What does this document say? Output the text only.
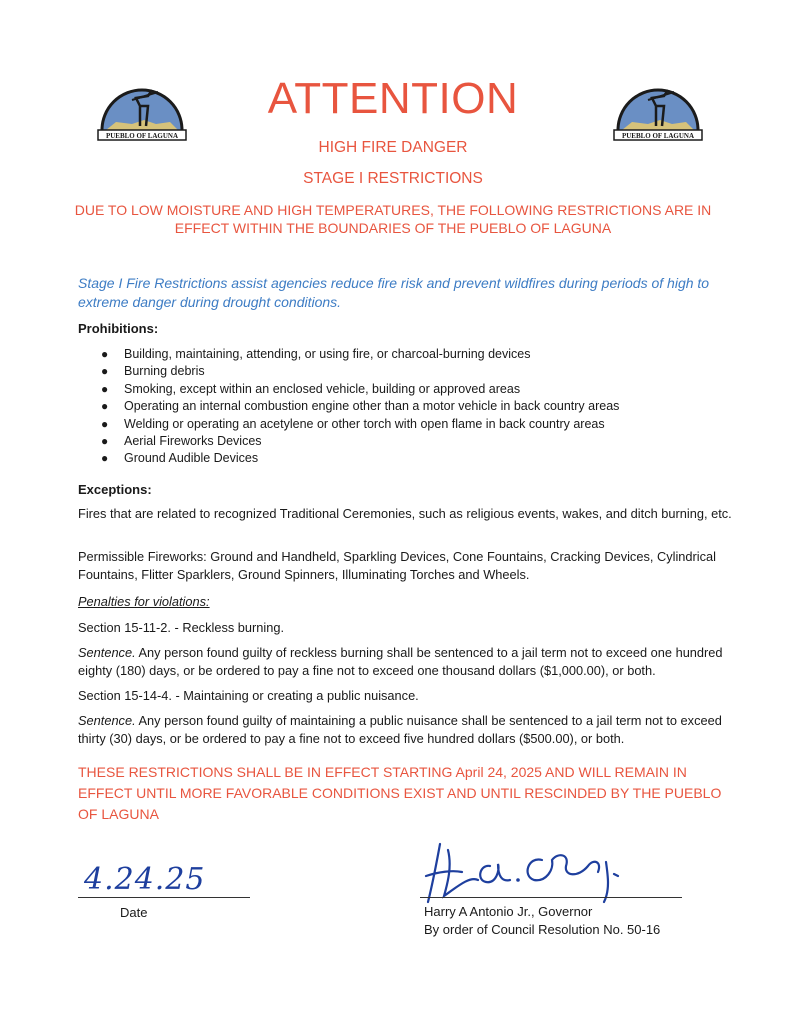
PUEBLO OF LAGUNA	PUEBLO OF LAGUNA
ATTENTION

HIGH FIRE DANGER

STAGE I RESTRICTIONS

DUE TO LOW MOISTURE AND HIGH TEMPERATURES, THE FOLLOWING RESTRICTIONS ARE IN EFFECT WITHIN THE BOUNDARIES OF THE PUEBLO OF LAGUNA

Stage I Fire Restrictions assist agencies reduce fire risk and prevent wildfires during periods of high to extreme danger during drought conditions.

Prohibitions:
● Building, maintaining, attending, or using fire, or charcoal-burning devices
● Burning debris
● Smoking, except within an enclosed vehicle, building or approved areas
● Operating an internal combustion engine other than a motor vehicle in back country areas
● Welding or operating an acetylene or other torch with open flame in back country areas
● Aerial Fireworks Devices
● Ground Audible Devices
Exceptions:

Fires that are related to recognized Traditional Ceremonies, such as religious events, wakes, and ditch burning, etc.

Permissible Fireworks: Ground and Handheld, Sparkling Devices, Cone Fountains, Cracking Devices, Cylindrical Fountains, Flitter Sparklers, Ground Spinners, Illuminating Torches and Wheels.

Penalties for violations:

Section 15-11-2. - Reckless burning.

Sentence. Any person found guilty of reckless burning shall be sentenced to a jail term not to exceed one hundred eighty (180) days, or be ordered to pay a fine not to exceed one thousand dollars ($1,000.00), or both.

Section 15-14-4. - Maintaining or creating a public nuisance.

Sentence. Any person found guilty of maintaining a public nuisance shall be sentenced to a jail term not to exceed thirty (30) days, or be ordered to pay a fine not to exceed five hundred dollars ($500.00), or both.

THESE RESTRICTIONS SHALL BE IN EFFECT STARTING April 24, 2025 AND WILL REMAIN IN EFFECT UNTIL MORE FAVORABLE CONDITIONS EXIST AND UNTIL RESCINDED BY THE PUEBLO OF LAGUNA

4.24.25

Date	Harry A Antonio Jr., Governor

By order of Council Resolution No. 50-16
